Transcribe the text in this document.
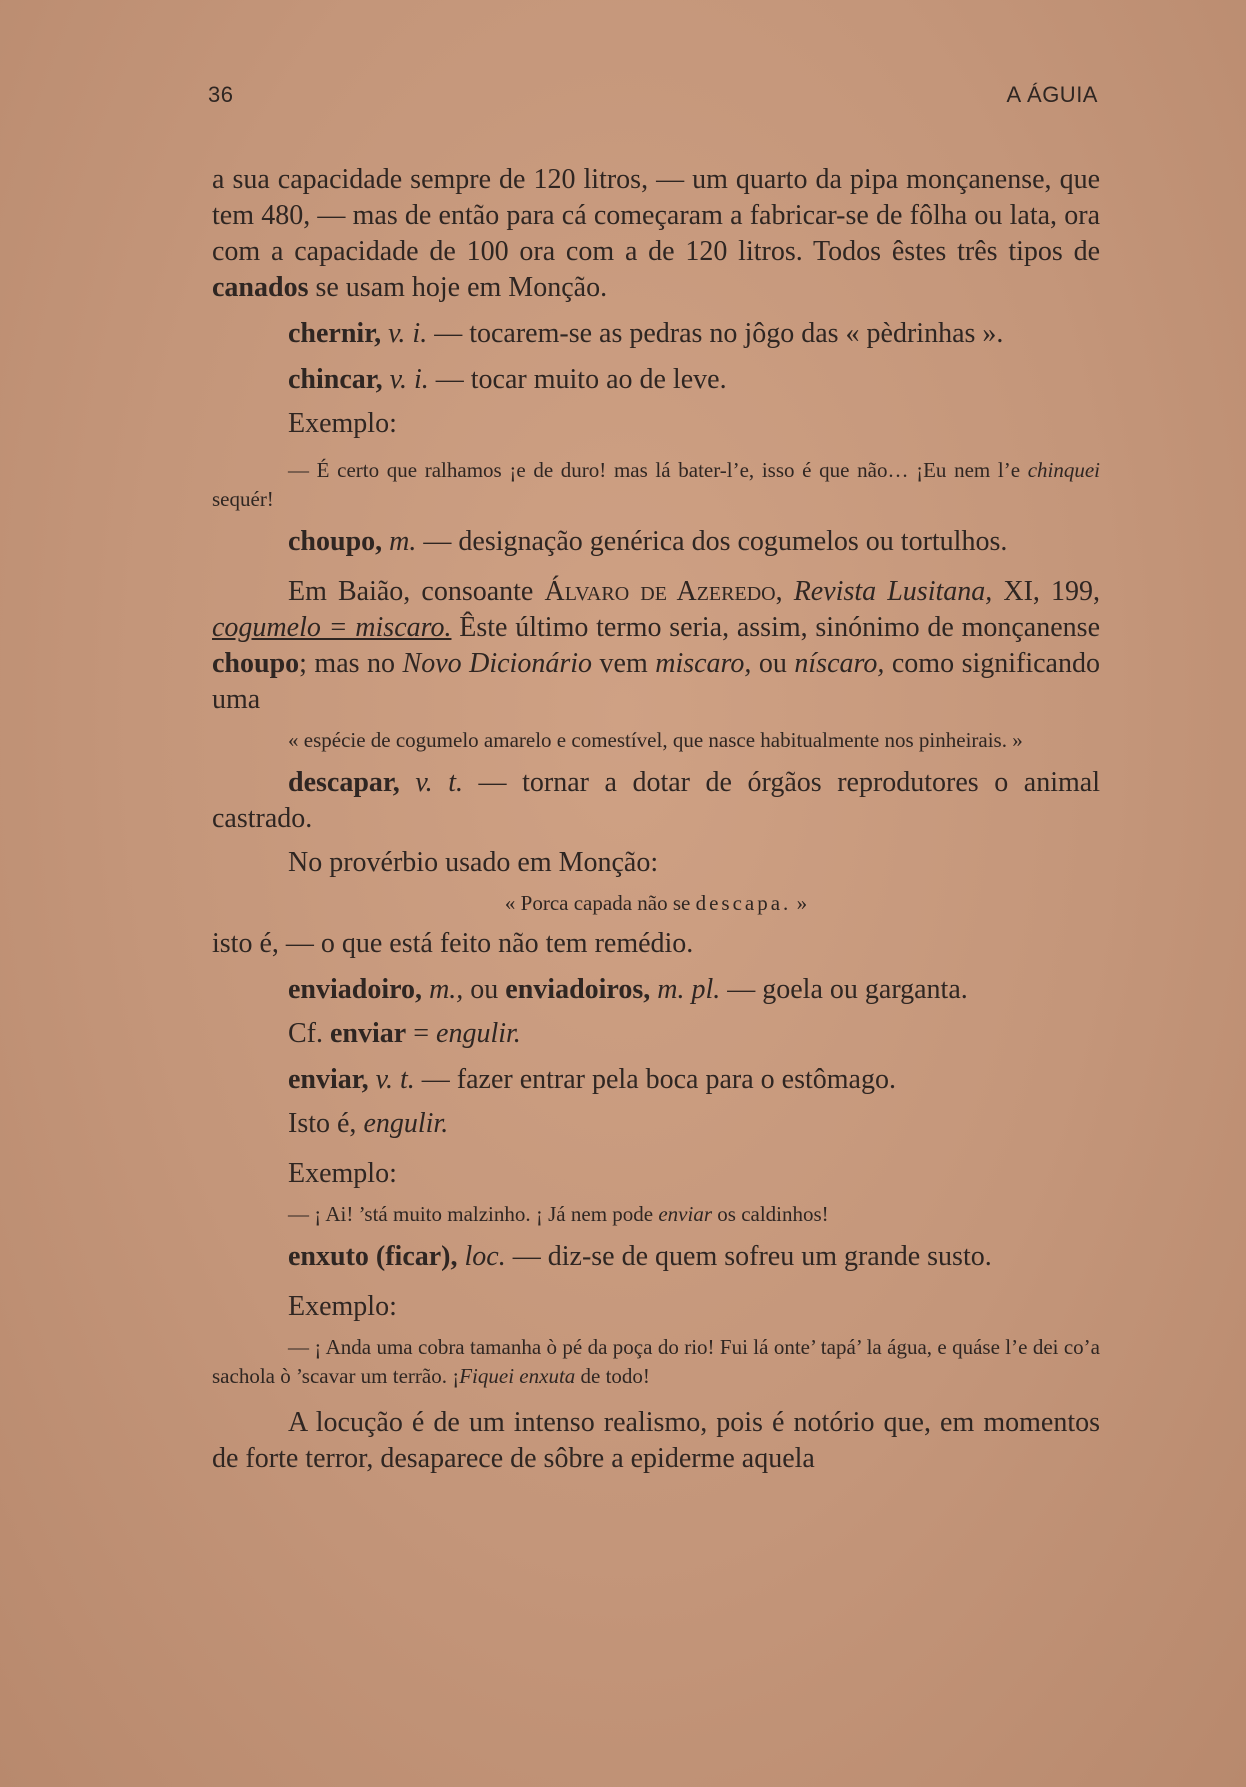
36	A ÁGUIA

a sua capacidade sempre de 120 litros, — um quarto da pipa monçanense, que tem 480, — mas de então para cá começaram a fabricar-se de fôlha ou lata, ora com a capacidade de 100 ora com a de 120 litros. Todos êstes três tipos de canados se usam hoje em Monção.

chernir, v. i. — tocarem-se as pedras no jôgo das « pèdrinhas ».

chincar, v. i. — tocar muito ao de leve.

Exemplo:

— É certo que ralhamos ¡e de duro! mas lá bater-l’e, isso é que não… ¡Eu nem l’e chinquei sequér!

choupo, m. — designação genérica dos cogumelos ou tortulhos.

Em Baião, consoante Álvaro de Azeredo, Revista Lusitana, XI, 199, cogumelo = miscaro. Êste último termo seria, assim, sinónimo de monçanense choupo; mas no Novo Dicionário vem miscaro, ou níscaro, como significando uma

« espécie de cogumelo amarelo e comestível, que nasce habitualmente nos pinheirais. »

descapar, v. t. — tornar a dotar de órgãos reprodutores o animal castrado.

No provérbio usado em Monção:

« Porca capada não se descapa. »

isto é, — o que está feito não tem remédio.

enviadoiro, m., ou enviadoiros, m. pl. — goela ou garganta.

Cf. enviar = engulir.

enviar, v. t. — fazer entrar pela boca para o estômago.

Isto é, engulir.

Exemplo:

— ¡ Ai! ’stá muito malzinho. ¡ Já nem pode enviar os caldinhos!

enxuto (ficar), loc. — diz-se de quem sofreu um grande susto.

Exemplo:

— ¡ Anda uma cobra tamanha ò pé da poça do rio! Fui lá onte’ tapá’ la água, e quáse l’e dei co’a sachola ò ’scavar um terrão. ¡Fiquei enxuta de todo!

A locução é de um intenso realismo, pois é notório que, em momentos de forte terror, desaparece de sôbre a epiderme aquela
